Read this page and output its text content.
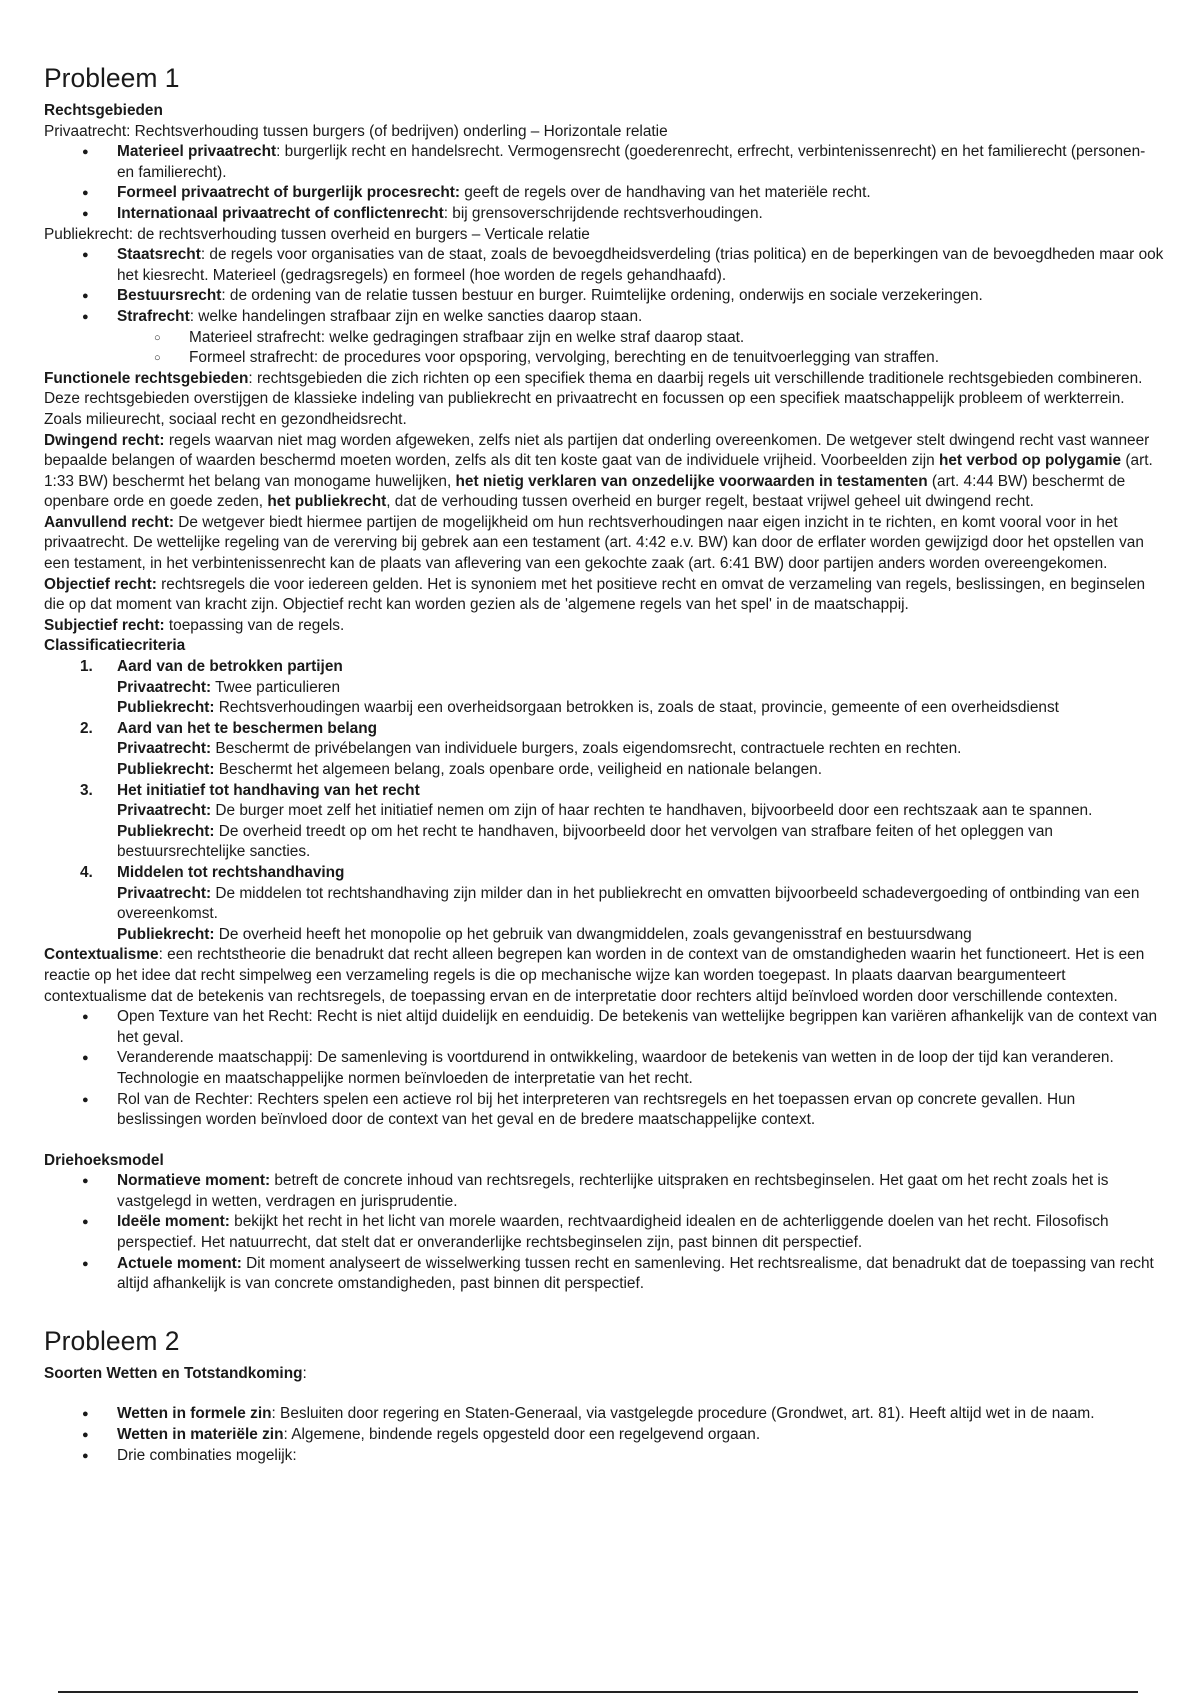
Probleem 1

Rechtsgebieden

Privaatrecht: Rechtsverhouding tussen burgers (of bedrijven) onderling – Horizontale relatie

● Materieel privaatrecht: burgerlijk recht en handelsrecht. Vermogensrecht (goederenrecht, erfrecht, verbintenissenrecht) en het familierecht (personen- en familierecht).
● Formeel privaatrecht of burgerlijk procesrecht: geeft de regels over de handhaving van het materiële recht.
● Internationaal privaatrecht of conflictenrecht: bij grensoverschrijdende rechtsverhoudingen.

Publiekrecht: de rechtsverhouding tussen overheid en burgers – Verticale relatie

● Staatsrecht: de regels voor organisaties van de staat, zoals de bevoegdheidsverdeling (trias politica) en de beperkingen van de bevoegdheden maar ook het kiesrecht. Materieel (gedragsregels) en formeel (hoe worden de regels gehandhaafd).
● Bestuursrecht: de ordening van de relatie tussen bestuur en burger. Ruimtelijke ordening, onderwijs en sociale verzekeringen.
● Strafrecht: welke handelingen strafbaar zijn en welke sancties daarop staan.
○ Materieel strafrecht: welke gedragingen strafbaar zijn en welke straf daarop staat.
○ Formeel strafrecht: de procedures voor opsporing, vervolging, berechting en de tenuitvoerlegging van straffen.

Functionele rechtsgebieden: rechtsgebieden die zich richten op een specifiek thema en daarbij regels uit verschillende traditionele rechtsgebieden combineren. Deze rechtsgebieden overstijgen de klassieke indeling van publiekrecht en privaatrecht en focussen op een specifiek maatschappelijk probleem of werkterrein. Zoals milieurecht, sociaal recht en gezondheidsrecht.

Dwingend recht: regels waarvan niet mag worden afgeweken, zelfs niet als partijen dat onderling overeenkomen. De wetgever stelt dwingend recht vast wanneer bepaalde belangen of waarden beschermd moeten worden, zelfs als dit ten koste gaat van de individuele vrijheid. Voorbeelden zijn het verbod op polygamie (art. 1:33 BW) beschermt het belang van monogame huwelijken, het nietig verklaren van onzedelijke voorwaarden in testamenten (art. 4:44 BW) beschermt de openbare orde en goede zeden, het publiekrecht, dat de verhouding tussen overheid en burger regelt, bestaat vrijwel geheel uit dwingend recht.

Aanvullend recht: De wetgever biedt hiermee partijen de mogelijkheid om hun rechtsverhoudingen naar eigen inzicht in te richten, en komt vooral voor in het privaatrecht. De wettelijke regeling van de vererving bij gebrek aan een testament (art. 4:42 e.v. BW) kan door de erflater worden gewijzigd door het opstellen van een testament, in het verbintenissenrecht kan de plaats van aflevering van een gekochte zaak (art. 6:41 BW) door partijen anders worden overeengekomen.

Objectief recht: rechtsregels die voor iedereen gelden. Het is synoniem met het positieve recht en omvat de verzameling van regels, beslissingen, en beginselen die op dat moment van kracht zijn. Objectief recht kan worden gezien als de 'algemene regels van het spel' in de maatschappij.

Subjectief recht: toepassing van de regels.

Classificatiecriteria

1. Aard van de betrokken partijen
Privaatrecht: Twee particulieren
Publiekrecht: Rechtsverhoudingen waarbij een overheidsorgaan betrokken is, zoals de staat, provincie, gemeente of een overheidsdienst
2. Aard van het te beschermen belang
Privaatrecht: Beschermt de privébelangen van individuele burgers, zoals eigendomsrecht, contractuele rechten en rechten.
Publiekrecht: Beschermt het algemeen belang, zoals openbare orde, veiligheid en nationale belangen.
3. Het initiatief tot handhaving van het recht
Privaatrecht: De burger moet zelf het initiatief nemen om zijn of haar rechten te handhaven, bijvoorbeeld door een rechtszaak aan te spannen.
Publiekrecht: De overheid treedt op om het recht te handhaven, bijvoorbeeld door het vervolgen van strafbare feiten of het opleggen van bestuursrechtelijke sancties.
4. Middelen tot rechtshandhaving
Privaatrecht: De middelen tot rechtshandhaving zijn milder dan in het publiekrecht en omvatten bijvoorbeeld schadevergoeding of ontbinding van een overeenkomst.
Publiekrecht: De overheid heeft het monopolie op het gebruik van dwangmiddelen, zoals gevangenisstraf en bestuursdwang

Contextualisme: een rechtstheorie die benadrukt dat recht alleen begrepen kan worden in de context van de omstandigheden waarin het functioneert. Het is een reactie op het idee dat recht simpelweg een verzameling regels is die op mechanische wijze kan worden toegepast. In plaats daarvan beargumenteert contextualisme dat de betekenis van rechtsregels, de toepassing ervan en de interpretatie door rechters altijd beïnvloed worden door verschillende contexten.

● Open Texture van het Recht: Recht is niet altijd duidelijk en eenduidig. De betekenis van wettelijke begrippen kan variëren afhankelijk van de context van het geval.
● Veranderende maatschappij: De samenleving is voortdurend in ontwikkeling, waardoor de betekenis van wetten in de loop der tijd kan veranderen. Technologie en maatschappelijke normen beïnvloeden de interpretatie van het recht.
● Rol van de Rechter: Rechters spelen een actieve rol bij het interpreteren van rechtsregels en het toepassen ervan op concrete gevallen. Hun beslissingen worden beïnvloed door de context van het geval en de bredere maatschappelijke context.

Driehoeksmodel

● Normatieve moment: betreft de concrete inhoud van rechtsregels, rechterlijke uitspraken en rechtsbeginselen. Het gaat om het recht zoals het is vastgelegd in wetten, verdragen en jurisprudentie.
● Ideële moment: bekijkt het recht in het licht van morele waarden, rechtvaardigheid idealen en de achterliggende doelen van het recht. Filosofisch perspectief. Het natuurrecht, dat stelt dat er onveranderlijke rechtsbeginselen zijn, past binnen dit perspectief.
● Actuele moment: Dit moment analyseert de wisselwerking tussen recht en samenleving. Het rechtsrealisme, dat benadrukt dat de toepassing van recht altijd afhankelijk is van concrete omstandigheden, past binnen dit perspectief.
Probleem 2

Soorten Wetten en Totstandkoming:

● Wetten in formele zin: Besluiten door regering en Staten-Generaal, via vastgelegde procedure (Grondwet, art. 81). Heeft altijd wet in de naam.
● Wetten in materiële zin: Algemene, bindende regels opgesteld door een regelgevend orgaan.
● Drie combinaties mogelijk:
